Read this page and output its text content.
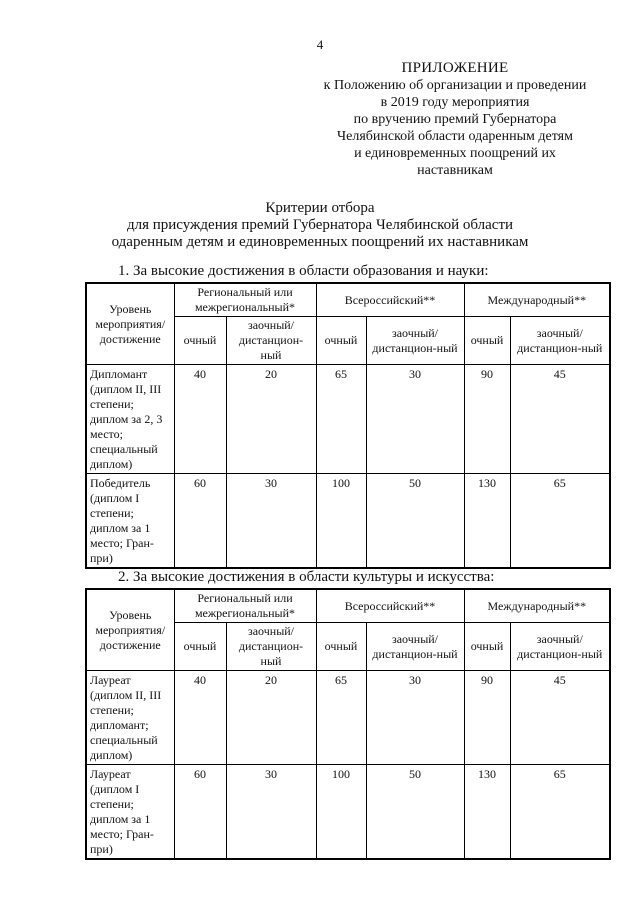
4
ПРИЛОЖЕНИЕ
к Положению об организации и проведении
в 2019 году мероприятия
по вручению премий Губернатора
Челябинской области одаренным детям
и единовременных поощрений их
наставникам
Критерии отбора
для присуждения премий Губернатора Челябинской области
одаренным детям и единовременных поощрений их наставникам
1. За высокие достижения в области образования и науки:
Уровень мероприятия/ достижение	Региональный или межрегиональный*		Всероссийский**		Международный**	
	очный	заочный/ дистанцион-ный	очный	заочный/ дистанцион-ный	очный	заочный/ дистанцион-ный
Дипломант (диплом II, III степени; диплом за 2, 3 место; специальный диплом)	40	20	65	30	90	45
Победитель (диплом I степени; диплом за 1 место; Гран-при)	60	30	100	50	130	65
2. За высокие достижения в области культуры и искусства:
Уровень мероприятия/ достижение	Региональный или межрегиональный*		Всероссийский**		Международный**	
	очный	заочный/ дистанцион-ный	очный	заочный/ дистанцион-ный	очный	заочный/ дистанцион-ный
Лауреат (диплом II, III степени; дипломант; специальный диплом)	40	20	65	30	90	45
Лауреат (диплом I степени; диплом за 1 место; Гран-при)	60	30	100	50	130	65
